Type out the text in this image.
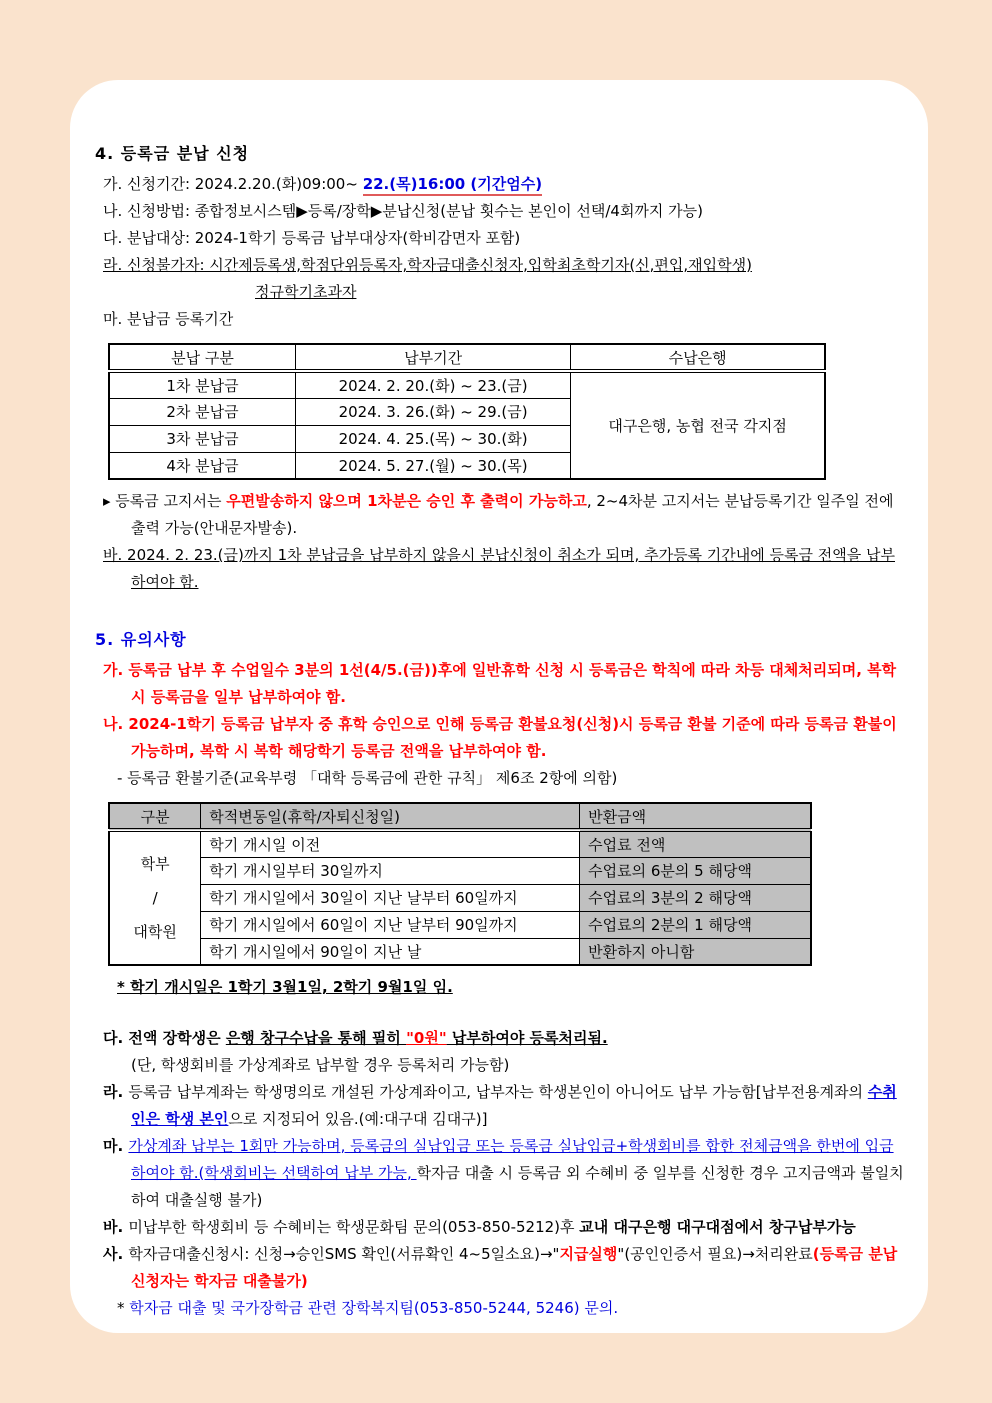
4. 등록금 분납 신청

가. 신청기간: 2024.2.20.(화)09:00~ 22.(목)16:00 (기간엄수)

나. 신청방법: 종합정보시스템▶등록/장학▶분납신청(분납 횟수는 본인이 선택/4회까지 가능)

다. 분납대상: 2024-1학기 등록금 납부대상자(학비감면자 포함)

라. 신청불가자: 시간제등록생,학점단위등록자,학자금대출신청자,입학최초학기자(신,편입,재입학생)

정규학기초과자

마. 분납금 등록기간

분납 구분	납부기간	수납은행
1차 분납금	2024. 2. 20.(화) ~ 23.(금)	대구은행, 농협 전국 각지점
2차 분납금	2024. 3. 26.(화) ~ 29.(금)	
3차 분납금	2024. 4. 25.(목) ~ 30.(화)	
4차 분납금	2024. 5. 27.(월) ~ 30.(목)	

▸ 등록금 고지서는 우편발송하지 않으며 1차분은 승인 후 출력이 가능하고, 2~4차분 고지서는 분납등록기간 일주일 전에 출력 가능(안내문자발송).

바. 2024. 2. 23.(금)까지 1차 분납금을 납부하지 않을시 분납신청이 취소가 되며, 추가등록 기간내에 등록금 전액을 납부하여야 함.

5. 유의사항

가. 등록금 납부 후 수업일수 3분의 1선(4/5.(금))후에 일반휴학 신청 시 등록금은 학칙에 따라 차등 대체처리되며, 복학 시 등록금을 일부 납부하여야 함.

나. 2024-1학기 등록금 납부자 중 휴학 승인으로 인해 등록금 환불요청(신청)시 등록금 환불 기준에 따라 등록금 환불이 가능하며, 복학 시 복학 해당학기 등록금 전액을 납부하여야 함.

- 등록금 환불기준(교육부령 「대학 등록금에 관한 규칙」 제6조 2항에 의함)

구분	학적변동일(휴학/자퇴신청일)	반환금액

학부
/
대학원	학기 개시일 이전	수업료 전액
	학기 개시일부터 30일까지	수업료의 6분의 5 해당액
	학기 개시일에서 30일이 지난 날부터 60일까지	수업료의 3분의 2 해당액
	학기 개시일에서 60일이 지난 날부터 90일까지	수업료의 2분의 1 해당액
	학기 개시일에서 90일이 지난 날	반환하지 아니함

* 학기 개시일은 1학기 3월1일, 2학기 9월1일 임.

다. 전액 장학생은 은행 창구수납을 통해 필히 "0원" 납부하여야 등록처리됨.

(단, 학생회비를 가상계좌로 납부할 경우 등록처리 가능함)

라. 등록금 납부계좌는 학생명의로 개설된 가상계좌이고, 납부자는 학생본인이 아니어도 납부 가능함[납부전용계좌의 수취인은 학생 본인으로 지정되어 있음.(예:대구대 김대구)]

마. 가상계좌 납부는 1회만 가능하며, 등록금의 실납입금 또는 등록금 실납입금+학생회비를 합한 전체금액을 한번에 입금하여야 함.(학생회비는 선택하여 납부 가능, 학자금 대출 시 등록금 외 수혜비 중 일부를 신청한 경우 고지금액과 불일치하여 대출실행 불가)

바. 미납부한 학생회비 등 수혜비는 학생문화팀 문의(053-850-5212)후 교내 대구은행 대구대점에서 창구납부가능

사. 학자금대출신청시: 신청→승인SMS 확인(서류확인 4~5일소요)→"지급실행"(공인인증서 필요)→처리완료(등록금 분납신청자는 학자금 대출불가)

* 학자금 대출 및 국가장학금 관련 장학복지팀(053-850-5244, 5246) 문의.
